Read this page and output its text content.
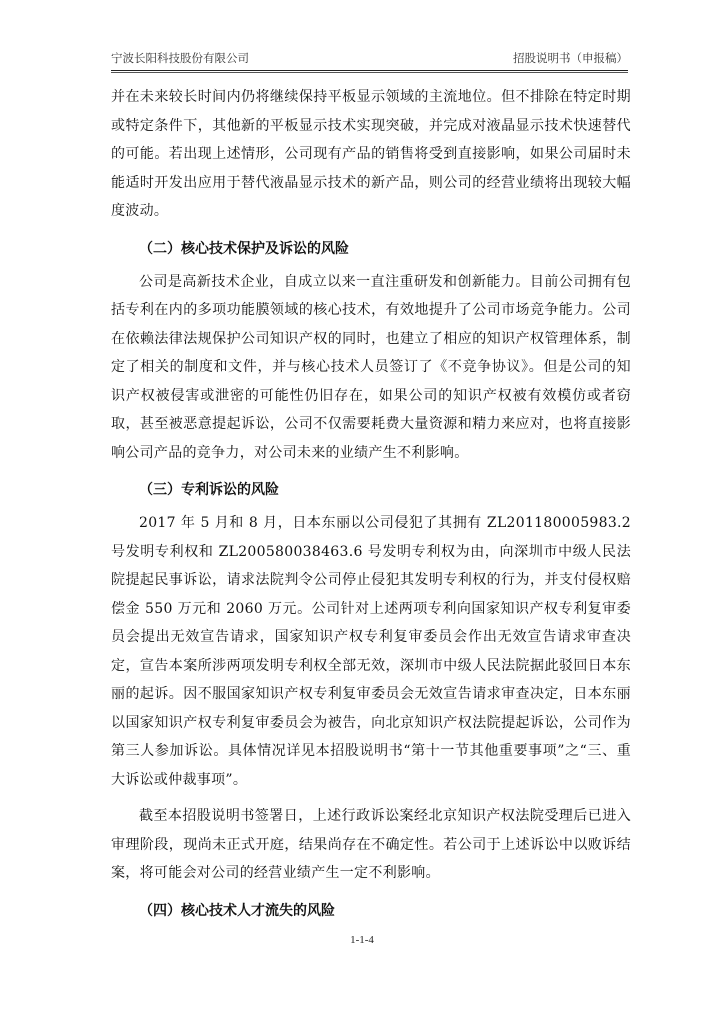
宁波长阳科技股份有限公司	招股说明书（申报稿）

并在未来较长时间内仍将继续保持平板显示领域的主流地位。但不排除在特定时期或特定条件下，其他新的平板显示技术实现突破，并完成对液晶显示技术快速替代的可能。若出现上述情形，公司现有产品的销售将受到直接影响，如果公司届时未能适时开发出应用于替代液晶显示技术的新产品，则公司的经营业绩将出现较大幅度波动。

（二）核心技术保护及诉讼的风险

公司是高新技术企业，自成立以来一直注重研发和创新能力。目前公司拥有包括专利在内的多项功能膜领域的核心技术，有效地提升了公司市场竞争能力。公司在依赖法律法规保护公司知识产权的同时，也建立了相应的知识产权管理体系，制定了相关的制度和文件，并与核心技术人员签订了《不竞争协议》。但是公司的知识产权被侵害或泄密的可能性仍旧存在，如果公司的知识产权被有效模仿或者窃取，甚至被恶意提起诉讼，公司不仅需要耗费大量资源和精力来应对，也将直接影响公司产品的竞争力，对公司未来的业绩产生不利影响。

（三）专利诉讼的风险

2017 年 5 月和 8 月，日本东丽以公司侵犯了其拥有 ZL201180005983.2 号发明专利权和 ZL200580038463.6 号发明专利权为由，向深圳市中级人民法院提起民事诉讼，请求法院判令公司停止侵犯其发明专利权的行为，并支付侵权赔偿金 550 万元和 2060 万元。公司针对上述两项专利向国家知识产权专利复审委员会提出无效宣告请求，国家知识产权专利复审委员会作出无效宣告请求审查决定，宣告本案所涉两项发明专利权全部无效，深圳市中级人民法院据此驳回日本东丽的起诉。因不服国家知识产权专利复审委员会无效宣告请求审查决定，日本东丽以国家知识产权专利复审委员会为被告，向北京知识产权法院提起诉讼，公司作为第三人参加诉讼。具体情况详见本招股说明书“第十一节其他重要事项”之“三、重大诉讼或仲裁事项”。

截至本招股说明书签署日，上述行政诉讼案经北京知识产权法院受理后已进入审理阶段，现尚未正式开庭，结果尚存在不确定性。若公司于上述诉讼中以败诉结案，将可能会对公司的经营业绩产生一定不利影响。

（四）核心技术人才流失的风险

1-1-4
